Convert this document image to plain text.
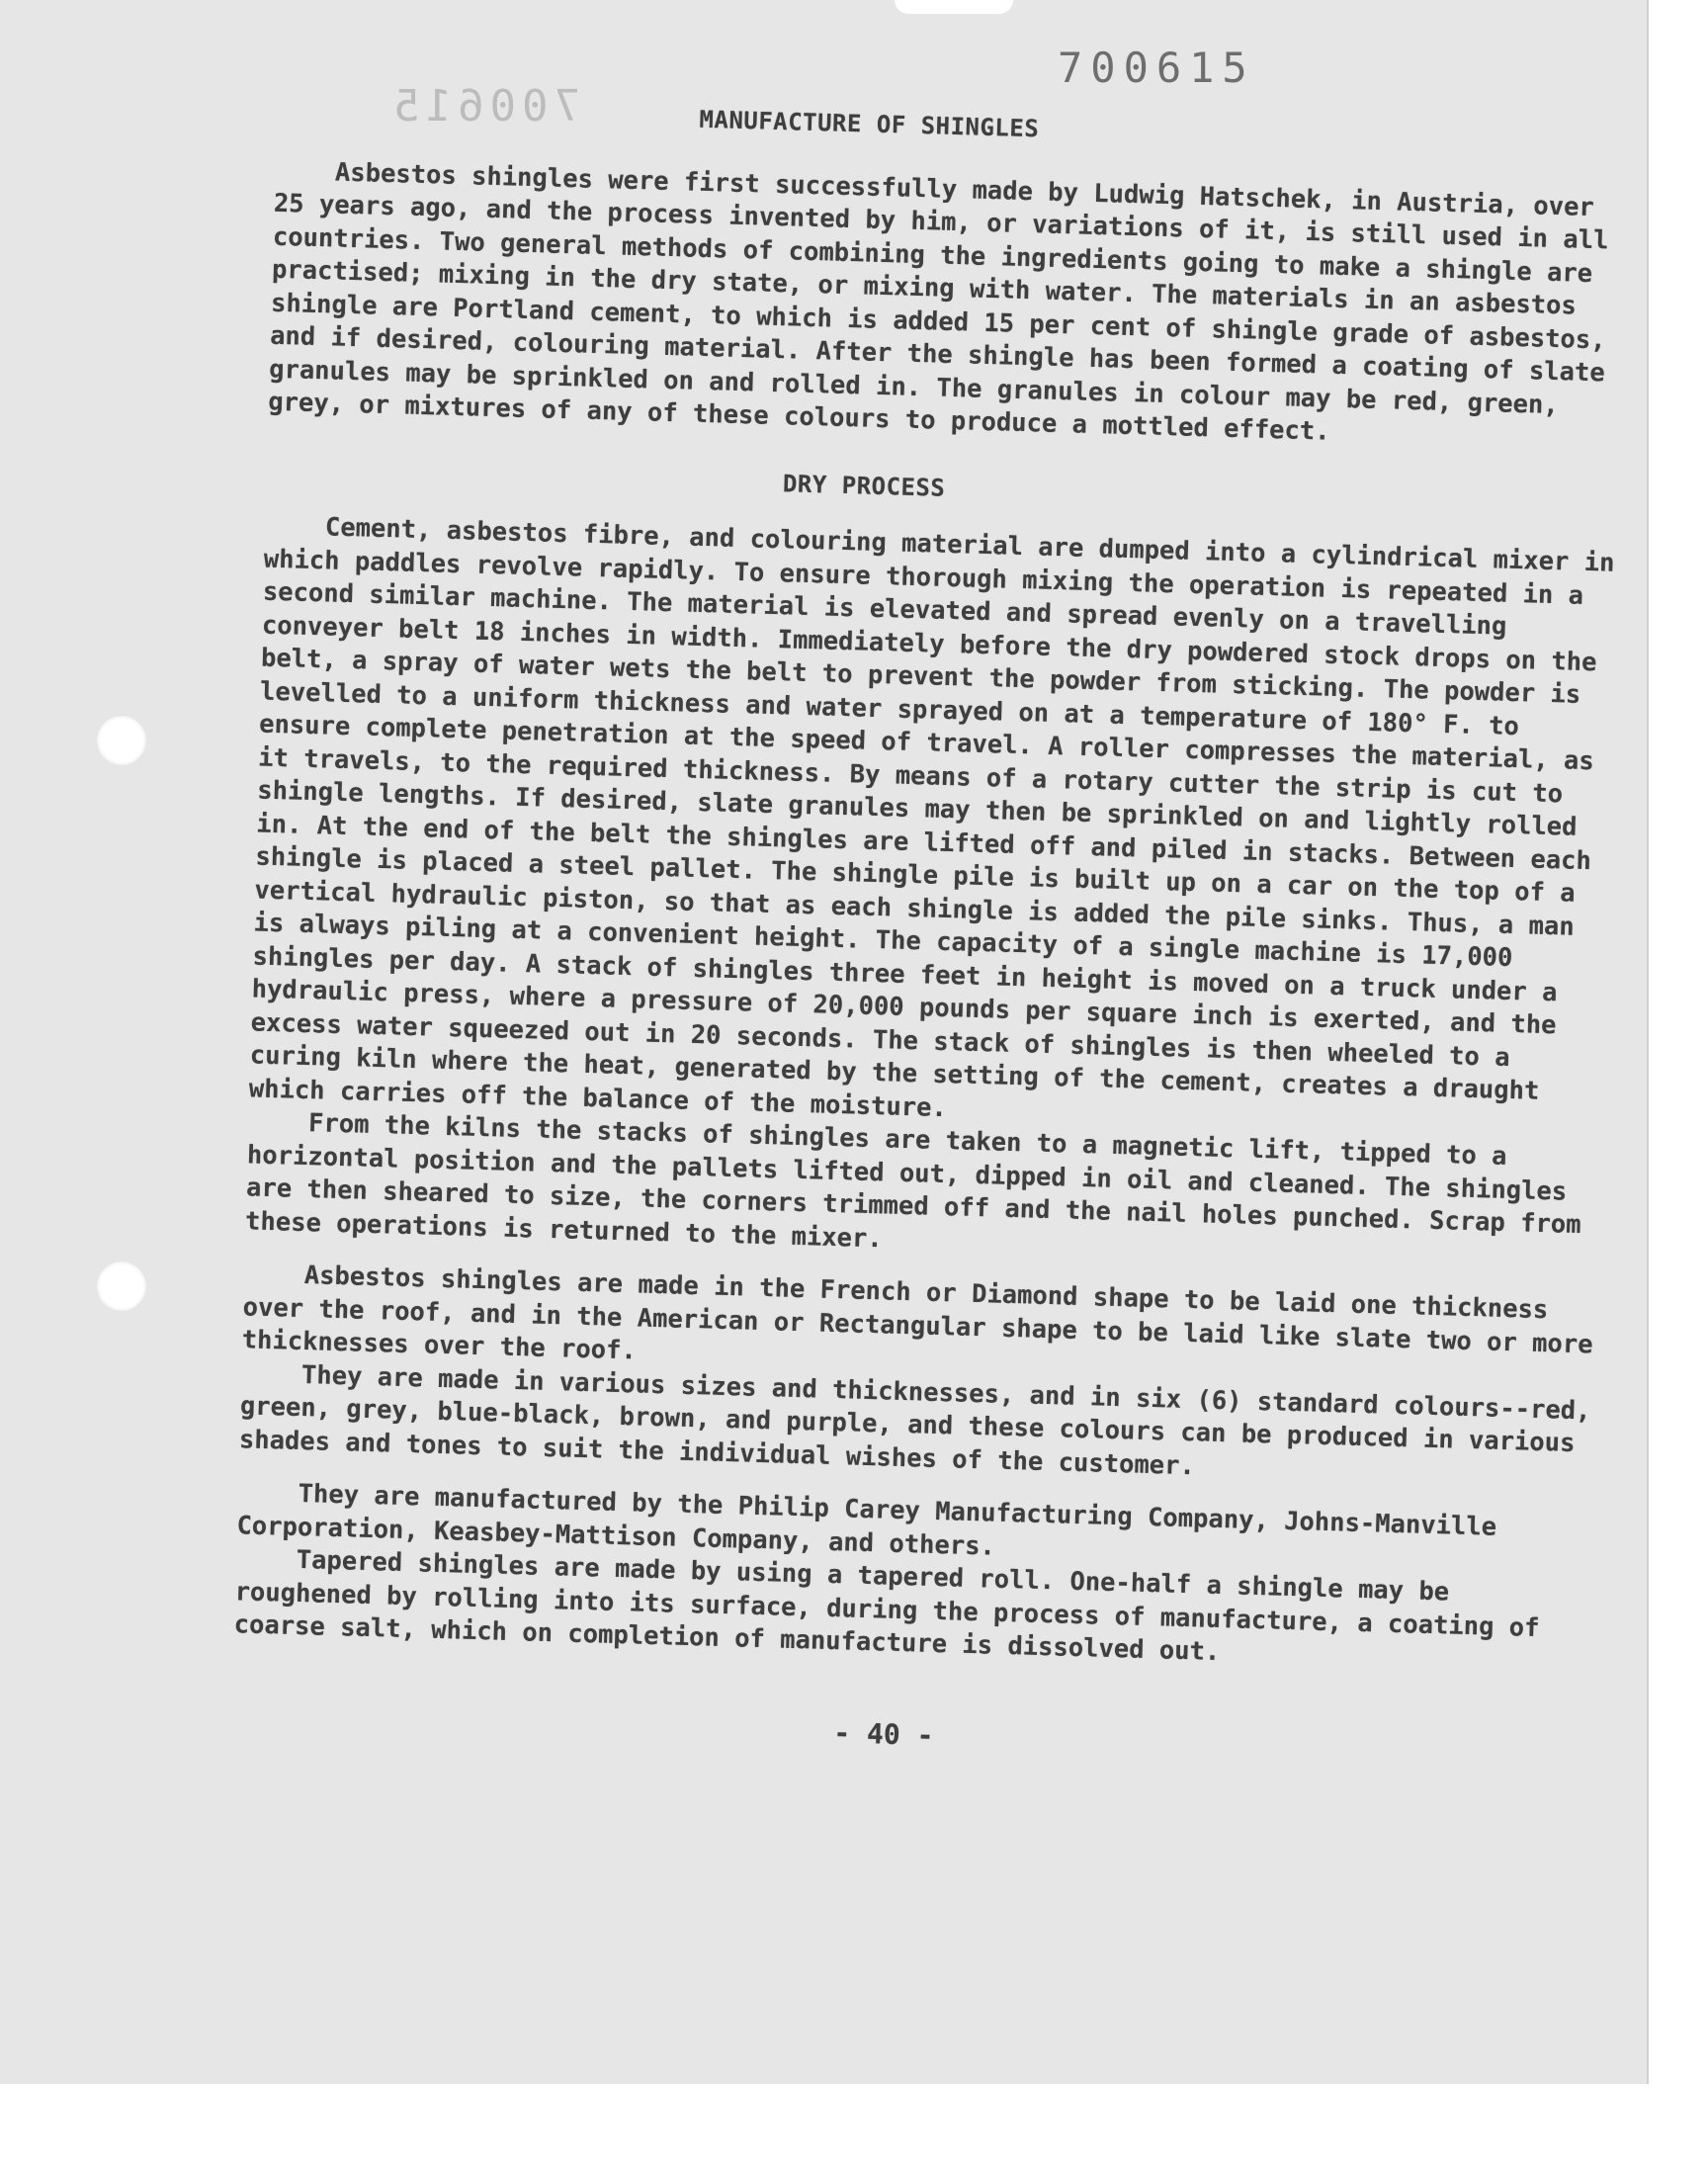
700615
700615	MANUFACTURE OF SHINGLES

Asbestos shingles were first successfully made by Ludwig Hatschek, in Austria, over 25 years ago, and the process invented by him, or variations of it, is still used in all countries. Two general methods of combining the ingredients going to make a shingle are practised; mixing in the dry state, or mixing with water. The materials in an asbestos shingle are Portland cement, to which is added 15 per cent of shingle grade of asbestos, and if desired, colouring material. After the shingle has been formed a coating of slate granules may be sprinkled on and rolled in. The granules in colour may be red, green, grey, or mixtures of any of these colours to produce a mottled effect.

DRY PROCESS

Cement, asbestos fibre, and colouring material are dumped into a cylindrical mixer in which paddles revolve rapidly. To ensure thorough mixing the operation is repeated in a second similar machine. The material is elevated and spread evenly on a travelling conveyer belt 18 inches in width. Immediately before the dry powdered stock drops on the belt, a spray of water wets the belt to prevent the powder from sticking. The powder is levelled to a uniform thickness and water sprayed on at a temperature of 180° F. to ensure complete penetration at the speed of travel. A roller compresses the material, as it travels, to the required thickness. By means of a rotary cutter the strip is cut to shingle lengths. If desired, slate granules may then be sprinkled on and lightly rolled in. At the end of the belt the shingles are lifted off and piled in stacks. Between each shingle is placed a steel pallet. The shingle pile is built up on a car on the top of a vertical hydraulic piston, so that as each shingle is added the pile sinks. Thus, a man is always piling at a convenient height. The capacity of a single machine is 17,000 shingles per day. A stack of shingles three feet in height is moved on a truck under a hydraulic press, where a pressure of 20,000 pounds per square inch is exerted, and the excess water squeezed out in 20 seconds. The stack of shingles is then wheeled to a curing kiln where the heat, generated by the setting of the cement, creates a draught which carries off the balance of the moisture.

From the kilns the stacks of shingles are taken to a magnetic lift, tipped to a horizontal position and the pallets lifted out, dipped in oil and cleaned. The shingles are then sheared to size, the corners trimmed off and the nail holes punched. Scrap from these operations is returned to the mixer.

Asbestos shingles are made in the French or Diamond shape to be laid one thickness over the roof, and in the American or Rectangular shape to be laid like slate two or more thicknesses over the roof.

They are made in various sizes and thicknesses, and in six (6) standard colours--red, green, grey, blue-black, brown, and purple, and these colours can be produced in various shades and tones to suit the individual wishes of the customer.

They are manufactured by the Philip Carey Manufacturing Company, Johns-Manville Corporation, Keasbey-Mattison Company, and others.

Tapered shingles are made by using a tapered roll. One-half a shingle may be roughened by rolling into its surface, during the process of manufacture, a coating of coarse salt, which on completion of manufacture is dissolved out.

- 40 -
